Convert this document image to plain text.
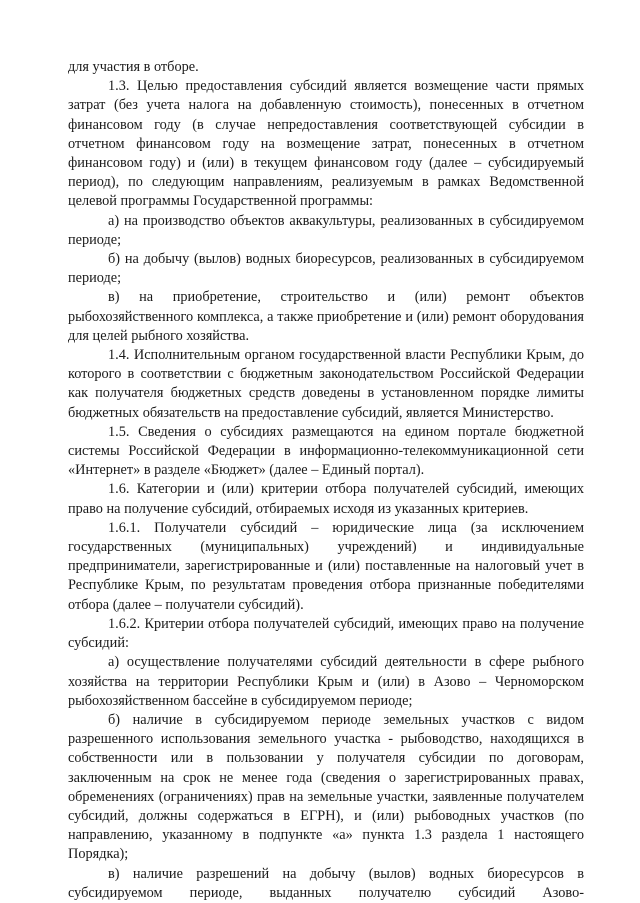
для участия в отборе.

1.3. Целью предоставления субсидий является возмещение части прямых затрат (без учета налога на добавленную стоимость), понесенных в отчетном финансовом году (в случае непредоставления соответствующей субсидии в отчетном финансовом году на возмещение затрат, понесенных в отчетном финансовом году) и (или) в текущем финансовом году (далее – субсидируемый период), по следующим направлениям, реализуемым в рамках Ведомственной целевой программы Государственной программы:

а) на производство объектов аквакультуры, реализованных в субсидируемом периоде;

б) на добычу (вылов) водных биоресурсов, реализованных в субсидируемом периоде;

в) на приобретение, строительство и (или) ремонт объектов рыбохозяйственного комплекса, а также приобретение и (или) ремонт оборудования для целей рыбного хозяйства.

1.4. Исполнительным органом государственной власти Республики Крым, до которого в соответствии с бюджетным законодательством Российской Федерации как получателя бюджетных средств доведены в установленном порядке лимиты бюджетных обязательств на предоставление субсидий, является Министерство.

1.5. Сведения о субсидиях размещаются на едином портале бюджетной системы Российской Федерации в информационно-телекоммуникационной сети «Интернет» в разделе «Бюджет» (далее – Единый портал).

1.6. Категории и (или) критерии отбора получателей субсидий, имеющих право на получение субсидий, отбираемых исходя из указанных критериев.

1.6.1. Получатели субсидий – юридические лица (за исключением государственных (муниципальных) учреждений) и индивидуальные предприниматели, зарегистрированные и (или) поставленные на налоговый учет в Республике Крым, по результатам проведения отбора признанные победителями отбора (далее – получатели субсидий).

1.6.2. Критерии отбора получателей субсидий, имеющих право на получение субсидий:

а) осуществление получателями субсидий деятельности в сфере рыбного хозяйства на территории Республики Крым и (или) в Азово – Черноморском рыбохозяйственном бассейне в субсидируемом периоде;

б) наличие в субсидируемом периоде земельных участков с видом разрешенного использования земельного участка - рыбоводство, находящихся в собственности или в пользовании у получателя субсидии по договорам, заключенным на срок не менее года (сведения о зарегистрированных правах, обременениях (ограничениях) прав на земельные участки, заявленные получателем субсидий, должны содержаться в ЕГРН), и (или) рыбоводных участков (по направлению, указанному в подпункте «а» пункта 1.3 раздела 1 настоящего Порядка);

в) наличие разрешений на добычу (вылов) водных биоресурсов в субсидируемом периоде, выданных получателю субсидий Азово-
